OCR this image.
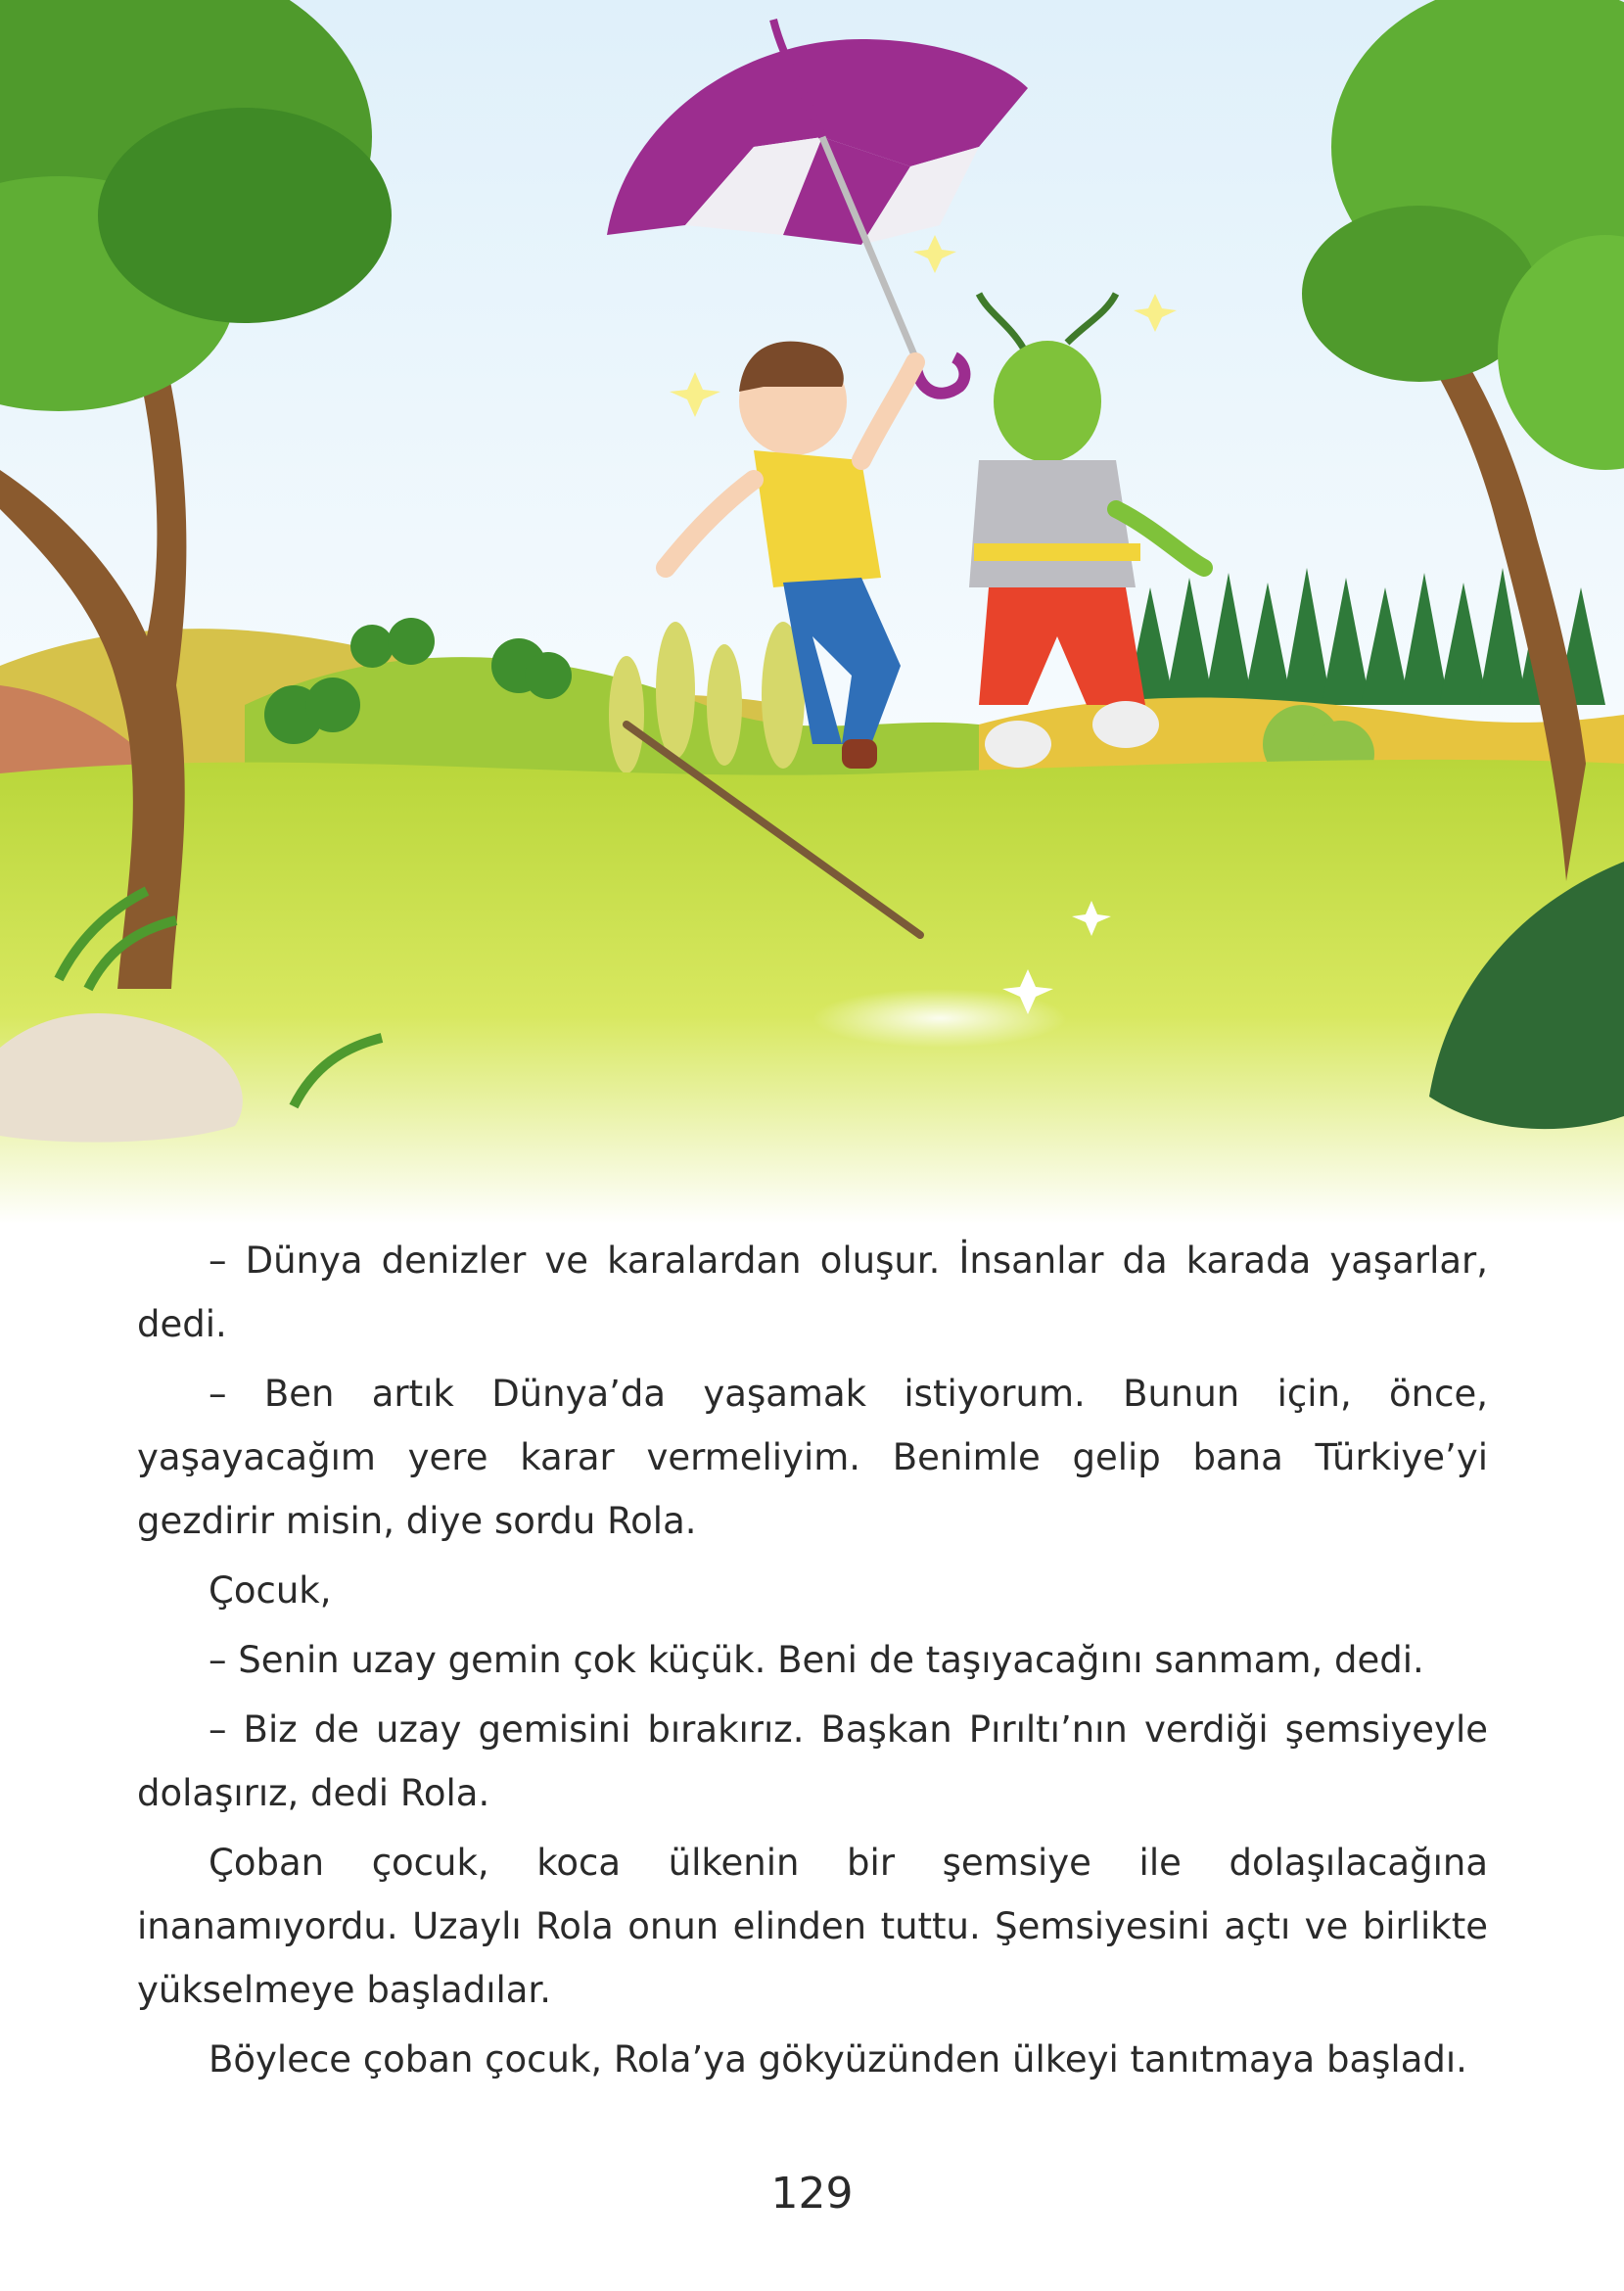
– Dünya denizler ve karalardan oluşur. İnsanlar da karada yaşarlar, dedi.

– Ben artık Dünya’da yaşamak istiyorum. Bunun için, önce, yaşayacağım yere karar vermeliyim. Benimle gelip bana Türkiye’yi gezdirir misin, diye sordu Rola.

Çocuk,

– Senin uzay gemin çok küçük. Beni de taşıyacağını sanmam, dedi.

– Biz de uzay gemisini bırakırız. Başkan Pırıltı’nın verdiği şemsiyeyle dolaşırız, dedi Rola.

Çoban çocuk, koca ülkenin bir şemsiye ile dolaşılacağına inanamıyordu. Uzaylı Rola onun elinden tuttu. Şemsiyesini açtı ve birlikte yükselmeye başladılar.

Böylece çoban çocuk, Rola’ya gökyüzünden ülkeyi tanıtmaya başladı.

129
